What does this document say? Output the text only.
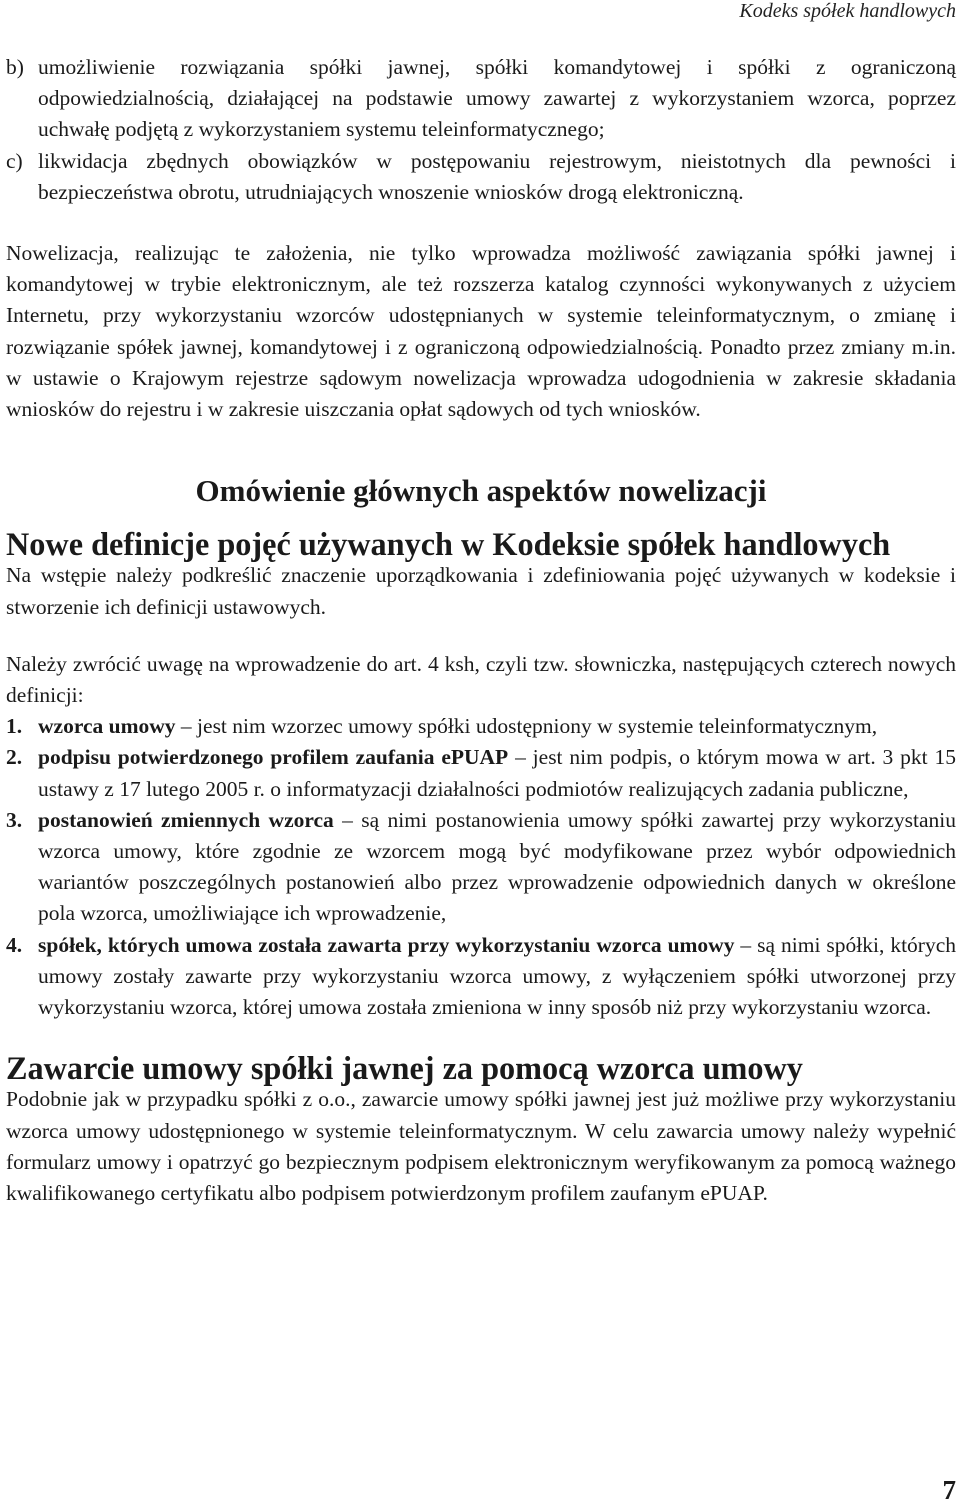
Kodeks spółek handlowych
b) umożliwienie rozwiązania spółki jawnej, spółki komandytowej i spółki z ograniczoną odpowiedzialnością, działającej na podstawie umowy zawartej z wykorzystaniem wzorca, poprzez uchwałę podjętą z wykorzystaniem systemu teleinformatycznego;
c) likwidacja zbędnych obowiązków w postępowaniu rejestrowym, nieistotnych dla pewności i bezpieczeństwa obrotu, utrudniających wnoszenie wniosków drogą elektroniczną.

Nowelizacja, realizując te założenia, nie tylko wprowadza możliwość zawiązania spółki jawnej i komandytowej w trybie elektronicznym, ale też rozszerza katalog czynności wykonywanych z użyciem Internetu, przy wykorzystaniu wzorców udostępnianych w systemie teleinformatycznym, o zmianę i rozwiązanie spółek jawnej, komandytowej i z ograniczoną odpowiedzialnością. Ponadto przez zmiany m.in. w ustawie o Krajowym rejestrze sądowym nowelizacja wprowadza udogodnienia w zakresie składania wniosków do rejestru i w zakresie uiszczania opłat sądowych od tych wniosków.

Omówienie głównych aspektów nowelizacji
Nowe definicje pojęć używanych w Kodeksie spółek handlowych

Na wstępie należy podkreślić znaczenie uporządkowania i zdefiniowania pojęć używanych w kodeksie i stworzenie ich definicji ustawowych.

Należy zwrócić uwagę na wprowadzenie do art. 4 ksh, czyli tzw. słowniczka, następujących czterech nowych definicji:

1. wzorca umowy – jest nim wzorzec umowy spółki udostępniony w systemie teleinformatycznym,
2. podpisu potwierdzonego profilem zaufania ePUAP – jest nim podpis, o którym mowa w art. 3 pkt 15 ustawy z 17 lutego 2005 r. o informatyzacji działalności podmiotów realizujących zadania publiczne,
3. postanowień zmiennych wzorca – są nimi postanowienia umowy spółki zawartej przy wykorzystaniu wzorca umowy, które zgodnie ze wzorcem mogą być modyfikowane przez wybór odpowiednich wariantów poszczególnych postanowień albo przez wprowadzenie odpowiednich danych w określone pola wzorca, umożliwiające ich wprowadzenie,
4. spółek, których umowa została zawarta przy wykorzystaniu wzorca umowy – są nimi spółki, których umowy zostały zawarte przy wykorzystaniu wzorca umowy, z wyłączeniem spółki utworzonej przy wykorzystaniu wzorca, której umowa została zmieniona w inny sposób niż przy wykorzystaniu wzorca.
Zawarcie umowy spółki jawnej za pomocą wzorca umowy

Podobnie jak w przypadku spółki z o.o., zawarcie umowy spółki jawnej jest już możliwe przy wykorzystaniu wzorca umowy udostępnionego w systemie teleinformatycznym. W celu zawarcia umowy należy wypełnić formularz umowy i opatrzyć go bezpiecznym podpisem elektronicznym weryfikowanym za pomocą ważnego kwalifikowanego certyfikatu albo podpisem potwierdzonym profilem zaufanym ePUAP.

7
